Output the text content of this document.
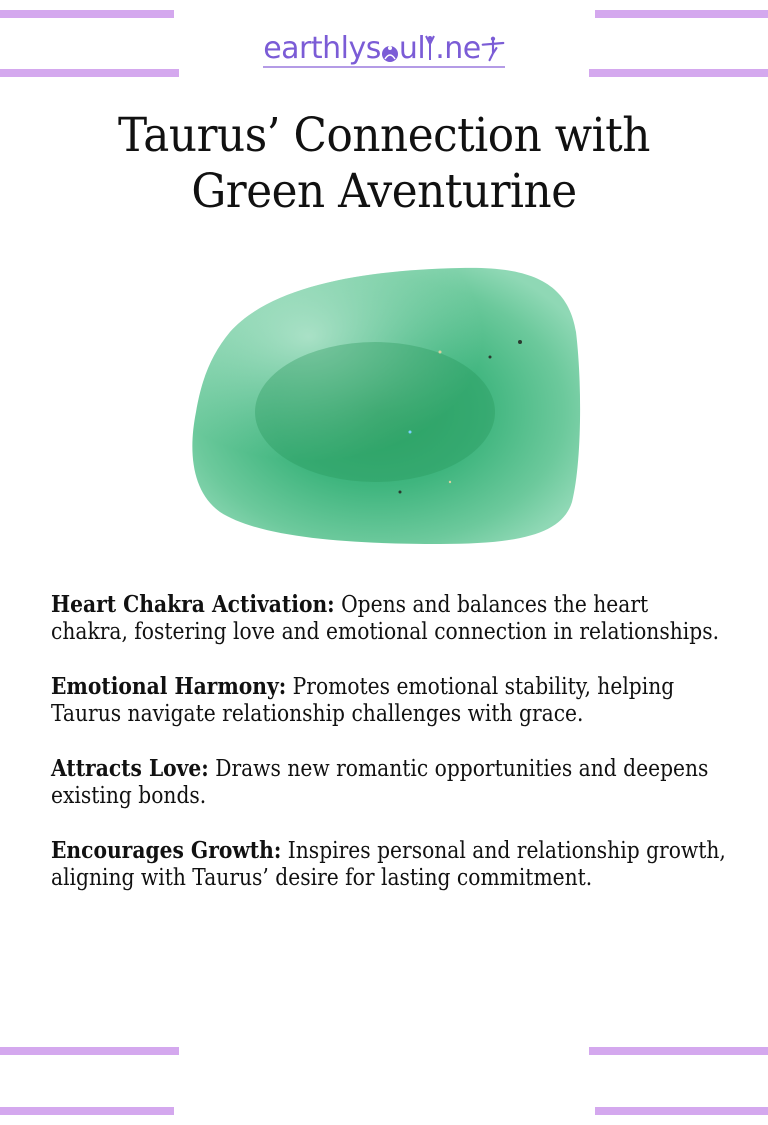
earthlys ul .ne
Taurus’ Connection with
Green Aventurine

Heart Chakra Activation: Opens and balances the heart chakra, fostering love and emotional connection in relationships.

Emotional Harmony: Promotes emotional stability, helping Taurus navigate relationship challenges with grace.

Attracts Love: Draws new romantic opportunities and deepens existing bonds.

Encourages Growth: Inspires personal and relationship growth, aligning with Taurus’ desire for lasting commitment.
